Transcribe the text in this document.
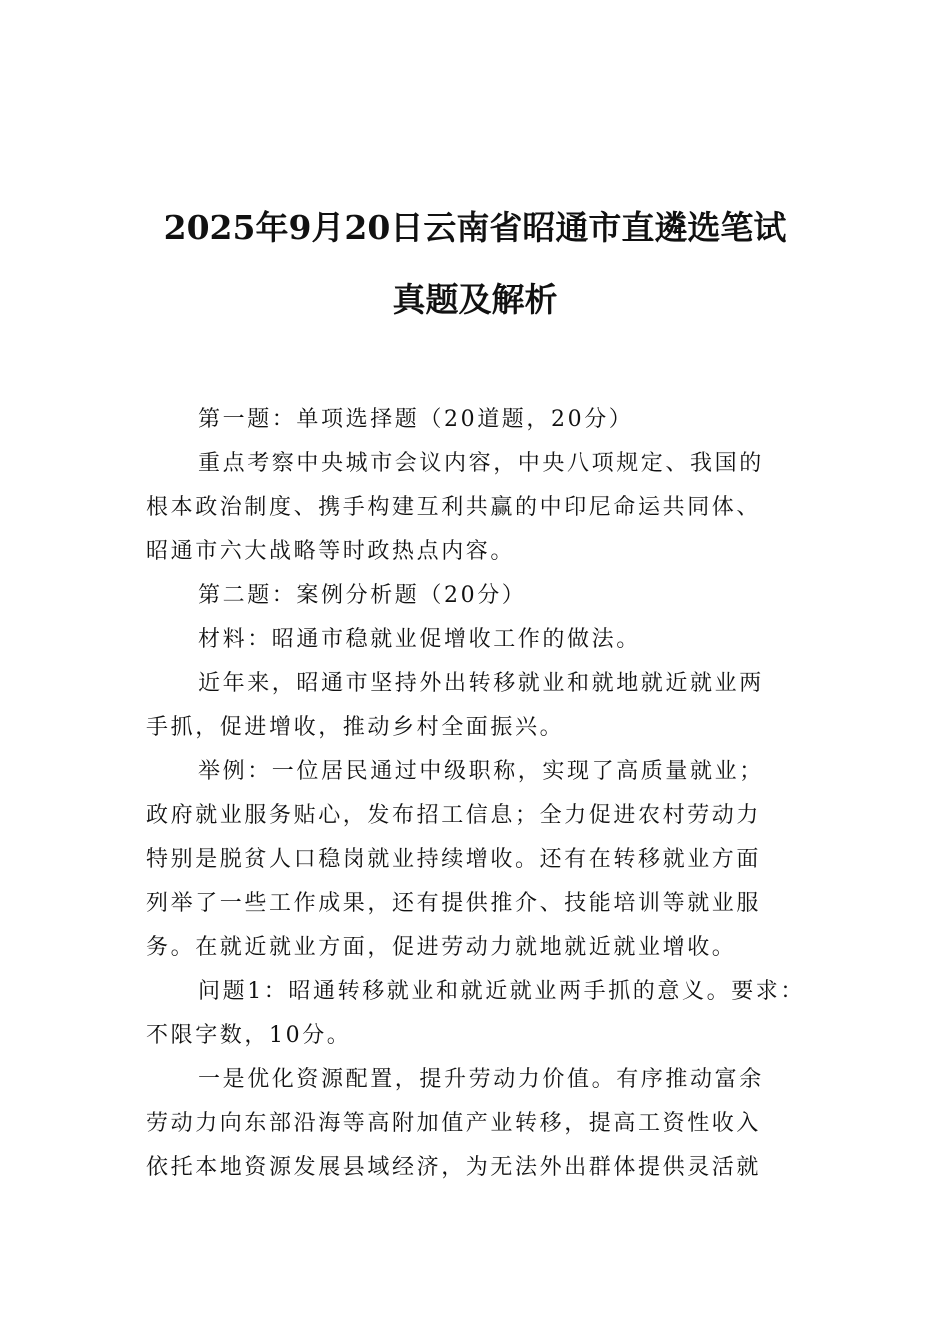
2025年9月20日云南省昭通市直遴选笔试
真题及解析
第一题：单项选择题（20道题，20分）
重点考察中央城市会议内容，中央八项规定、我国的
根本政治制度、携手构建互利共赢的中印尼命运共同体、
昭通市六大战略等时政热点内容。
第二题：案例分析题（20分）
材料：昭通市稳就业促增收工作的做法。
近年来，昭通市坚持外出转移就业和就地就近就业两
手抓，促进增收，推动乡村全面振兴。
举例：一位居民通过中级职称，实现了高质量就业；
政府就业服务贴心，发布招工信息；全力促进农村劳动力
特别是脱贫人口稳岗就业持续增收。还有在转移就业方面
列举了一些工作成果，还有提供推介、技能培训等就业服
务。在就近就业方面，促进劳动力就地就近就业增收。
问题1：昭通转移就业和就近就业两手抓的意义。要求：
不限字数，10分。
一是优化资源配置，提升劳动力价值。有序推动富余
劳动力向东部沿海等高附加值产业转移，提高工资性收入
依托本地资源发展县域经济，为无法外出群体提供灵活就
